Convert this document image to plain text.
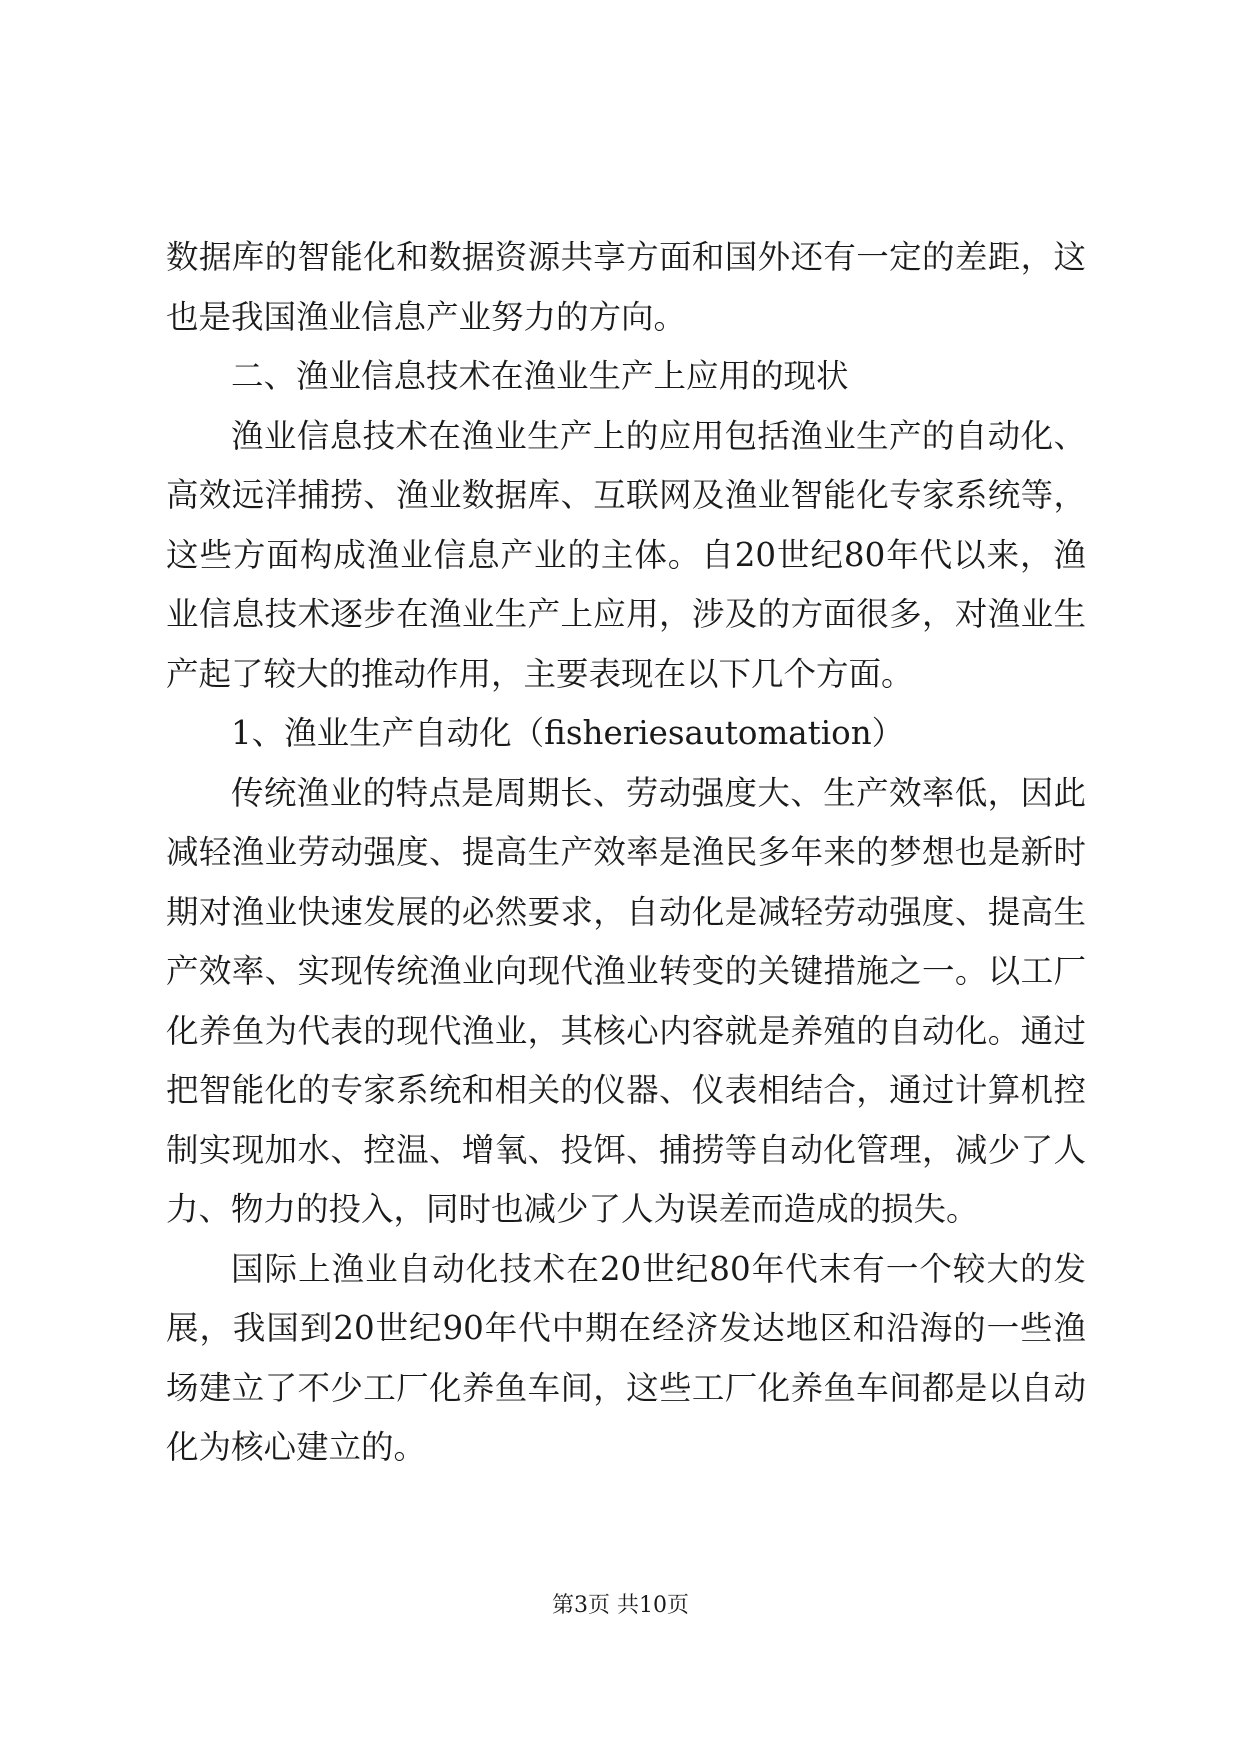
数据库的智能化和数据资源共享方面和国外还有一定的差距，这也是我国渔业信息产业努力的方向。

二、渔业信息技术在渔业生产上应用的现状

渔业信息技术在渔业生产上的应用包括渔业生产的自动化、高效远洋捕捞、渔业数据库、互联网及渔业智能化专家系统等，这些方面构成渔业信息产业的主体。自20世纪80年代以来，渔业信息技术逐步在渔业生产上应用，涉及的方面很多，对渔业生产起了较大的推动作用，主要表现在以下几个方面。

1、渔业生产自动化（fisheriesautomation）

传统渔业的特点是周期长、劳动强度大、生产效率低，因此减轻渔业劳动强度、提高生产效率是渔民多年来的梦想也是新时期对渔业快速发展的必然要求，自动化是减轻劳动强度、提高生产效率、实现传统渔业向现代渔业转变的关键措施之一。以工厂化养鱼为代表的现代渔业，其核心内容就是养殖的自动化。通过把智能化的专家系统和相关的仪器、仪表相结合，通过计算机控制实现加水、控温、增氧、投饵、捕捞等自动化管理，减少了人力、物力的投入，同时也减少了人为误差而造成的损失。

国际上渔业自动化技术在20世纪80年代末有一个较大的发展，我国到20世纪90年代中期在经济发达地区和沿海的一些渔场建立了不少工厂化养鱼车间，这些工厂化养鱼车间都是以自动化为核心建立的。

第3页 共10页
